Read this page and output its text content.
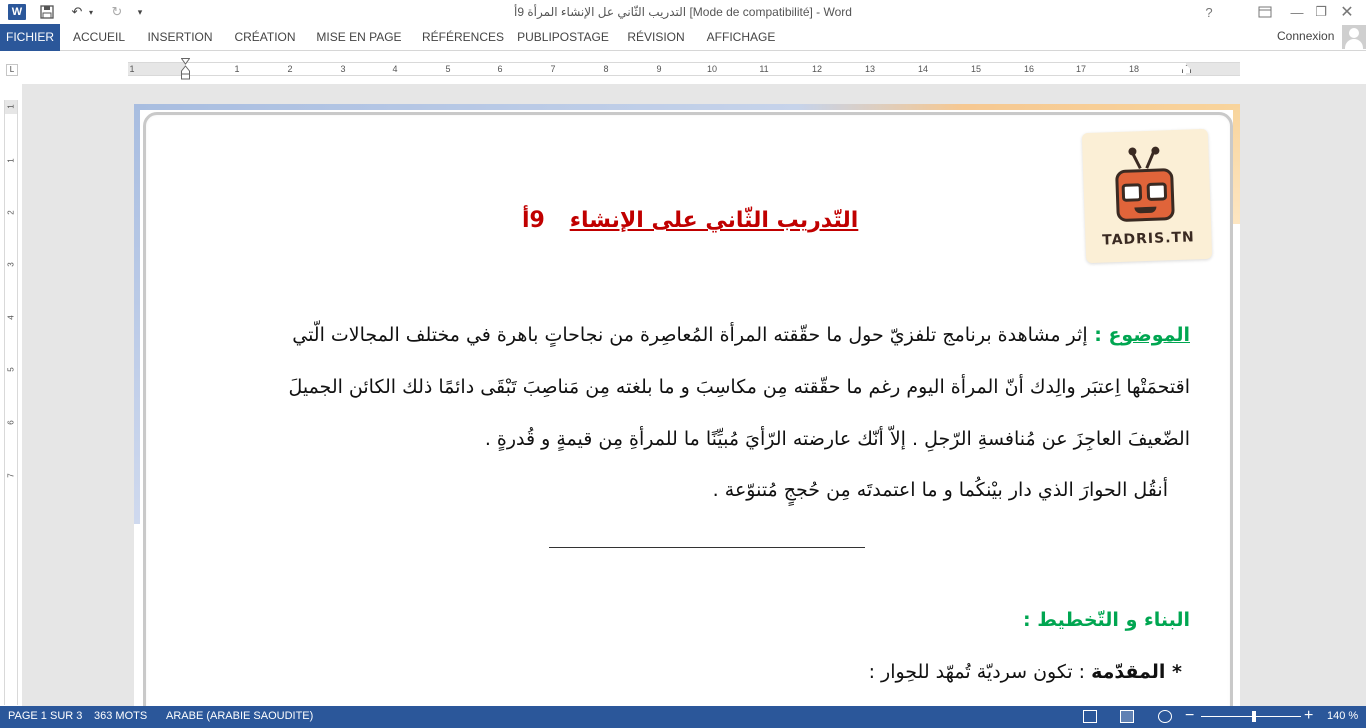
W	↶ ▾ ↻	▾	التدريب الثّاني عل الإنشاء المرأة 9أ [Mode de compatibilité] - Word	?	— ❐ ✕
FICHIER	ACCUEIL	INSERTION	CRÉATION	MISE EN PAGE	RÉFÉRENCES	PUBLIPOSTAGE	RÉVISION	AFFICHAGE	Connexion
L	1	1	2	3	4	5	6	7	8	9	10	11	12	13	14	15	16	17	18
1
1
2
3
4
5
6
7
TADRIS.TN
التّدريب الثّاني على الإنشاء
9أ
الموضوع : إثر مشاهدة برنامج تلفزيّ حول ما حقّقته المرأة المُعاصِرة من نجاحاتٍ باهرة في مختلف المجالات الّتي
اقتحمَتْها اِعتبَر والِدك أنّ المرأة اليوم رغم ما حقّقته مِن مكاسِبَ و ما بلغته مِن مَناصِبَ تَبْقَى دائمًا ذلك الكائن الجميلَ
الضّعيفَ العاجِزَ عن مُنافسةِ الرّجلِ . إلاّ أنّك عارضته الرّأيَ مُبيِّنًا ما للمرأةِ مِن قيمةٍ و قُدرةٍ .
أنقُل الحوارَ الذي دار بيْنكُما و ما اعتمدتَه مِن حُججٍ مُتنوّعة .
البناء و التّخطيط :
* المقدّمة : تكون سرديّة تُمهّد للحِوار :
PAGE 1 SUR 3 363 MOTS ARABE (ARABIE SAOUDITE)	−	+ 140 %
